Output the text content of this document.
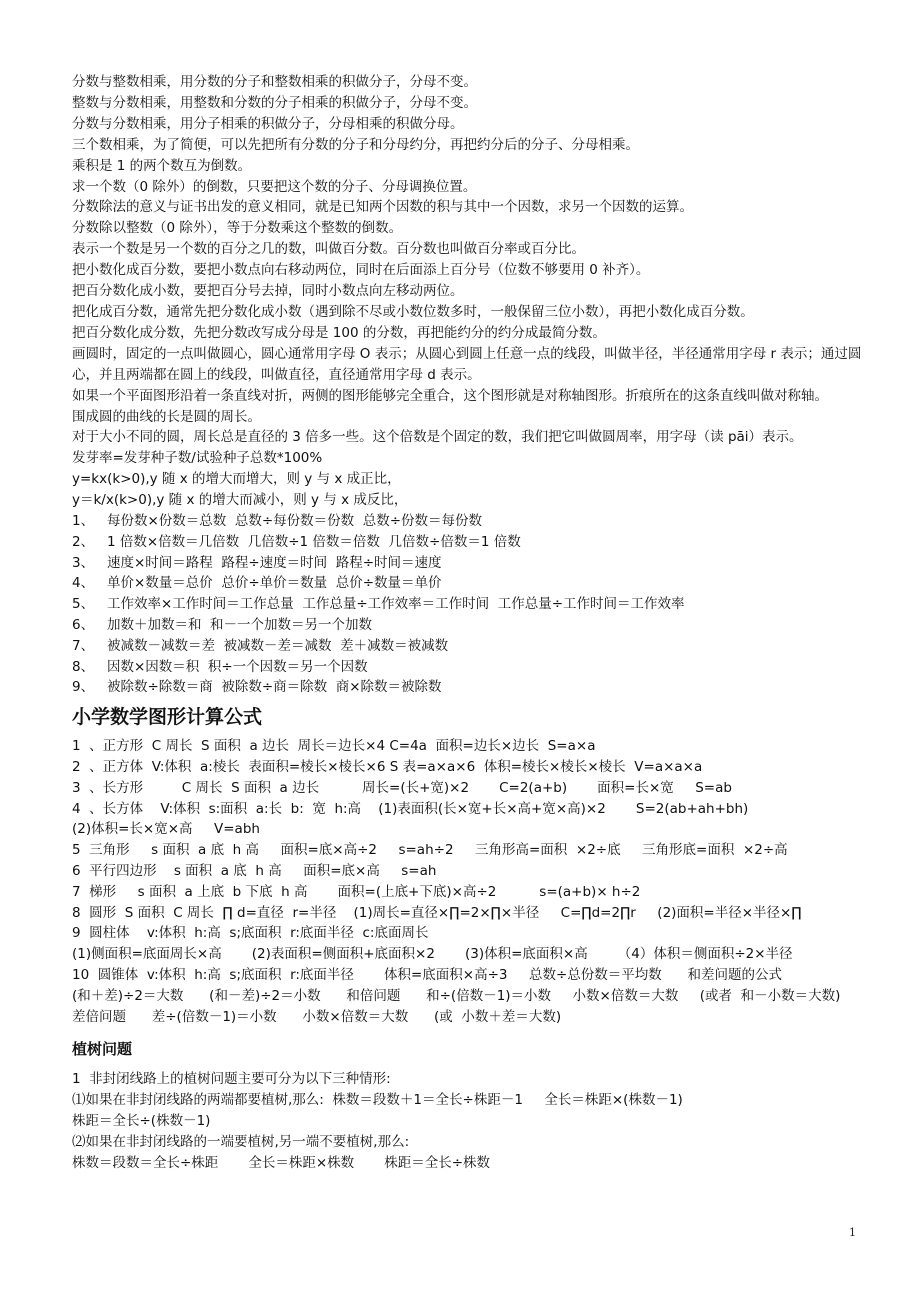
分数与整数相乘，用分数的分子和整数相乘的积做分子，分母不变。

整数与分数相乘，用整数和分数的分子相乘的积做分子，分母不变。

分数与分数相乘，用分子相乘的积做分子，分母相乘的积做分母。

三个数相乘，为了简便，可以先把所有分数的分子和分母约分，再把约分后的分子、分母相乘。

乘积是 1 的两个数互为倒数。

求一个数（0 除外）的倒数，只要把这个数的分子、分母调换位置。

分数除法的意义与证书出发的意义相同，就是已知两个因数的积与其中一个因数，求另一个因数的运算。

分数除以整数（0 除外），等于分数乘这个整数的倒数。

表示一个数是另一个数的百分之几的数，叫做百分数。百分数也叫做百分率或百分比。

把小数化成百分数，要把小数点向右移动两位，同时在后面添上百分号（位数不够要用 0 补齐）。

把百分数化成小数，要把百分号去掉，同时小数点向左移动两位。

把化成百分数，通常先把分数化成小数（遇到除不尽或小数位数多时，一般保留三位小数），再把小数化成百分数。

把百分数化成分数，先把分数改写成分母是 100 的分数，再把能约分的约分成最简分数。

画圆时，固定的一点叫做圆心，圆心通常用字母 O 表示；从圆心到圆上任意一点的线段，叫做半径，半径通常用字母 r 表示；通过圆心，并且两端都在圆上的线段，叫做直径，直径通常用字母 d 表示。

如果一个平面图形沿着一条直线对折，两侧的图形能够完全重合，这个图形就是对称轴图形。折痕所在的这条直线叫做对称轴。

围成圆的曲线的长是圆的周长。

对于大小不同的圆，周长总是直径的 3 倍多一些。这个倍数是个固定的数，我们把它叫做圆周率，用字母（读 pāi）表示。

发芽率=发芽种子数/试验种子总数*100%

y=kx(k>0),y 随 x 的增大而增大，则 y 与 x 成正比，

y＝k/x(k>0),y 随 x 的增大而减小，则 y 与 x 成反比，

1、   每份数×份数＝总数  总数÷每份数＝份数  总数÷份数＝每份数

2、   1 倍数×倍数＝几倍数  几倍数÷1 倍数＝倍数  几倍数÷倍数＝1 倍数

3、   速度×时间＝路程  路程÷速度＝时间  路程÷时间＝速度

4、   单价×数量＝总价  总价÷单价＝数量  总价÷数量＝单价

5、   工作效率×工作时间＝工作总量  工作总量÷工作效率＝工作时间  工作总量÷工作时间＝工作效率

6、   加数＋加数＝和  和－一个加数＝另一个加数

7、   被减数－减数＝差  被减数－差＝减数  差＋减数＝被减数

8、   因数×因数＝积  积÷一个因数＝另一个因数

9、   被除数÷除数＝商  被除数÷商＝除数  商×除数＝被除数

小学数学图形计算公式

1  、正方形  C 周长  S 面积  a 边长  周长＝边长×4 C=4a  面积=边长×边长  S=a×a

2  、正方体  V:体积  a:棱长  表面积=棱长×棱长×6 S 表=a×a×6  体积=棱长×棱长×棱长  V=a×a×a

3  、长方形         C 周长  S 面积  a 边长          周长=(长+宽)×2       C=2(a+b)       面积=长×宽     S=ab

4  、长方体    V:体积  s:面积  a:长  b:  宽  h:高    (1)表面积(长×宽+长×高+宽×高)×2       S=2(ab+ah+bh)

(2)体积=长×宽×高     V=abh

5  三角形     s 面积  a 底  h 高     面积=底×高÷2     s=ah÷2     三角形高=面积  ×2÷底     三角形底=面积  ×2÷高

6  平行四边形    s 面积  a 底  h 高     面积=底×高     s=ah

7  梯形     s 面积  a 上底  b 下底  h 高       面积=(上底+下底)×高÷2          s=(a+b)× h÷2

8  圆形  S 面积  C 周长  ∏ d=直径  r=半径    (1)周长=直径×∏=2×∏×半径     C=∏d=2∏r     (2)面积=半径×半径×∏

9  圆柱体    v:体积  h:高  s;底面积  r:底面半径  c:底面周长

(1)侧面积=底面周长×高       (2)表面积=侧面积+底面积×2       (3)体积=底面积×高       （4）体积＝侧面积÷2×半径

10  圆锥体  v:体积  h:高  s;底面积  r:底面半径       体积=底面积×高÷3     总数÷总份数＝平均数      和差问题的公式

(和＋差)÷2＝大数      (和－差)÷2＝小数      和倍问题      和÷(倍数－1)＝小数     小数×倍数＝大数     (或者  和－小数＝大数)

差倍问题      差÷(倍数－1)＝小数      小数×倍数＝大数      (或  小数＋差＝大数)

植树问题

1  非封闭线路上的植树问题主要可分为以下三种情形:

⑴如果在非封闭线路的两端都要植树,那么:  株数＝段数＋1＝全长÷株距－1     全长＝株距×(株数－1)

株距＝全长÷(株数－1)

⑵如果在非封闭线路的一端要植树,另一端不要植树,那么:

株数＝段数＝全长÷株距       全长＝株距×株数       株距＝全长÷株数

1
